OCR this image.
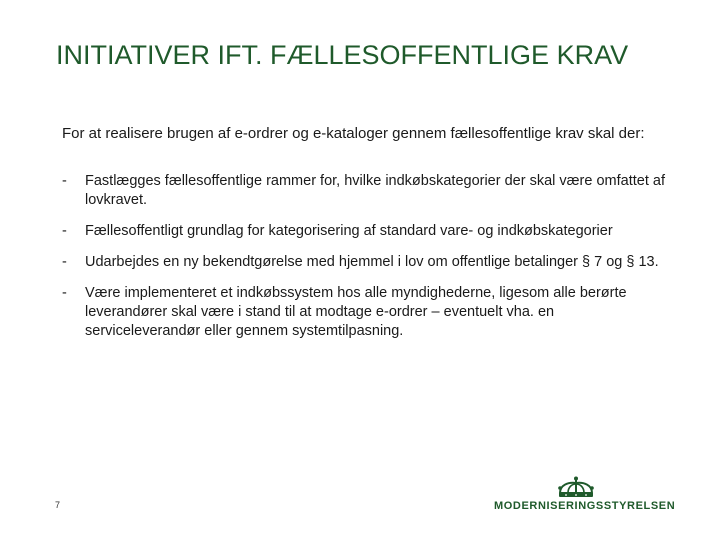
INITIATIVER IFT. FÆLLESOFFENTLIGE KRAV
For at realisere brugen af e-ordrer og e-kataloger gennem fællesoffentlige krav skal der:
- Fastlægges fællesoffentlige rammer for, hvilke indkøbskategorier der skal være omfattet af lovkravet.
- Fællesoffentligt grundlag for kategorisering af standard vare- og indkøbskategorier
- Udarbejdes en ny bekendtgørelse med hjemmel i lov om offentlige betalinger § 7 og § 13.
- Være implementeret et indkøbssystem hos alle myndighederne, ligesom alle berørte leverandører skal være i stand til at modtage e-ordrer – eventuelt vha. en serviceleverandør eller gennem systemtilpasning.
7	MODERNISERINGSSTYRELSEN
